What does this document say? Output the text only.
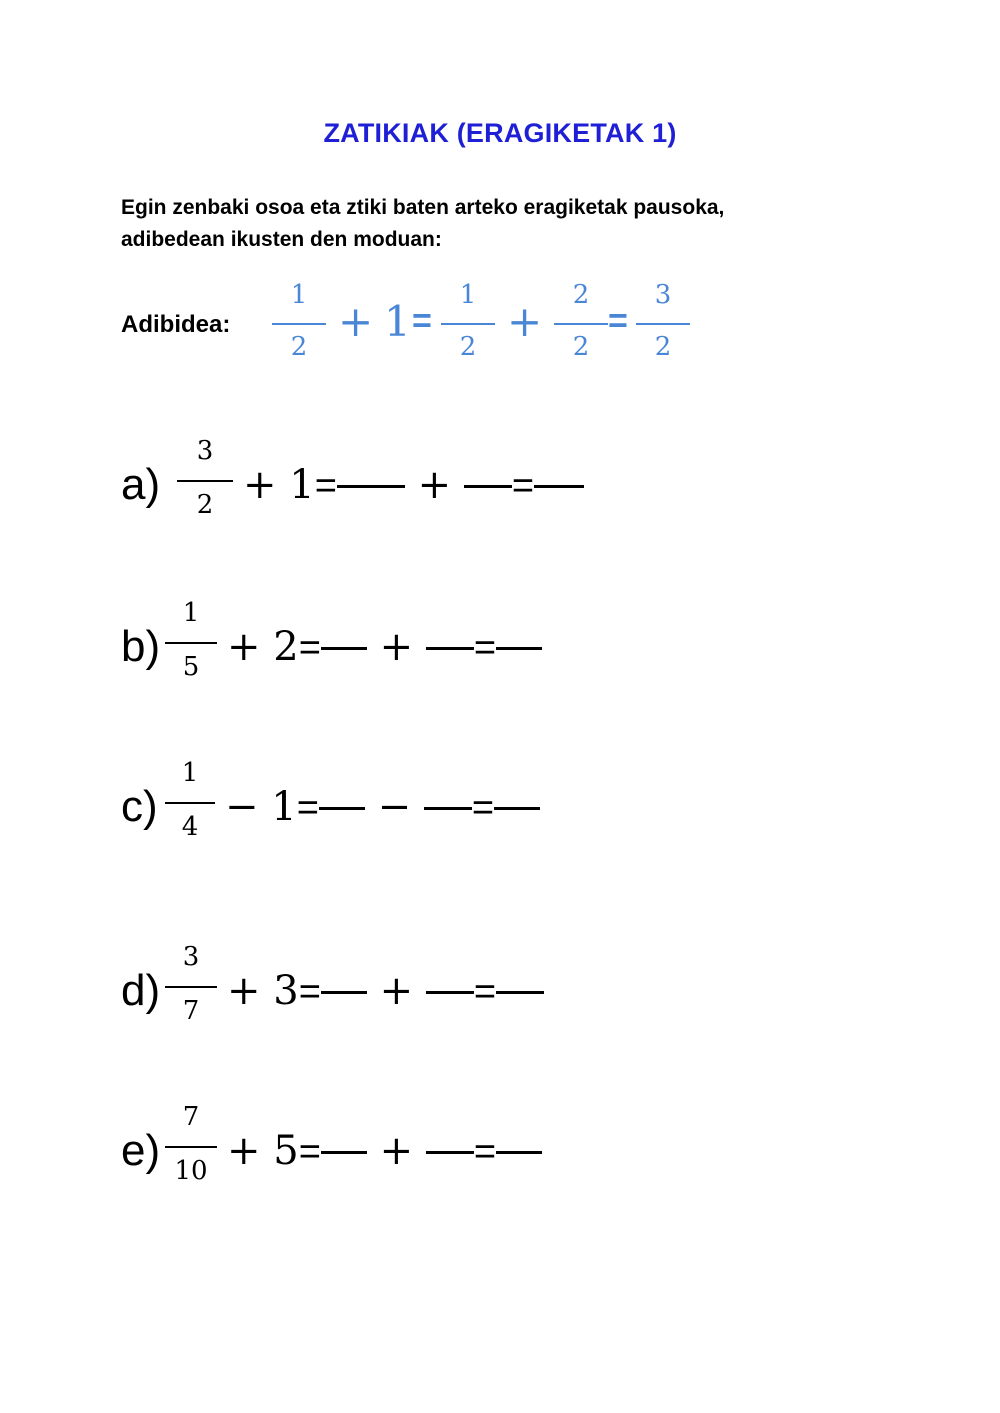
ZATIKIAK (ERAGIKETAK 1)
Egin zenbaki osoa eta ztiki baten arteko eragiketak pausoka,
adibedean ikusten den moduan:
Adibidea:
1
2
+ 1 =
1
2
+
2
2
=
3
2
a)
3
2 + 1= + =
b)
1
5 + 2= + =
c)
1
4 − 1= − =
d)
3
7 + 3= + =
e)
7
10 + 5= + =
